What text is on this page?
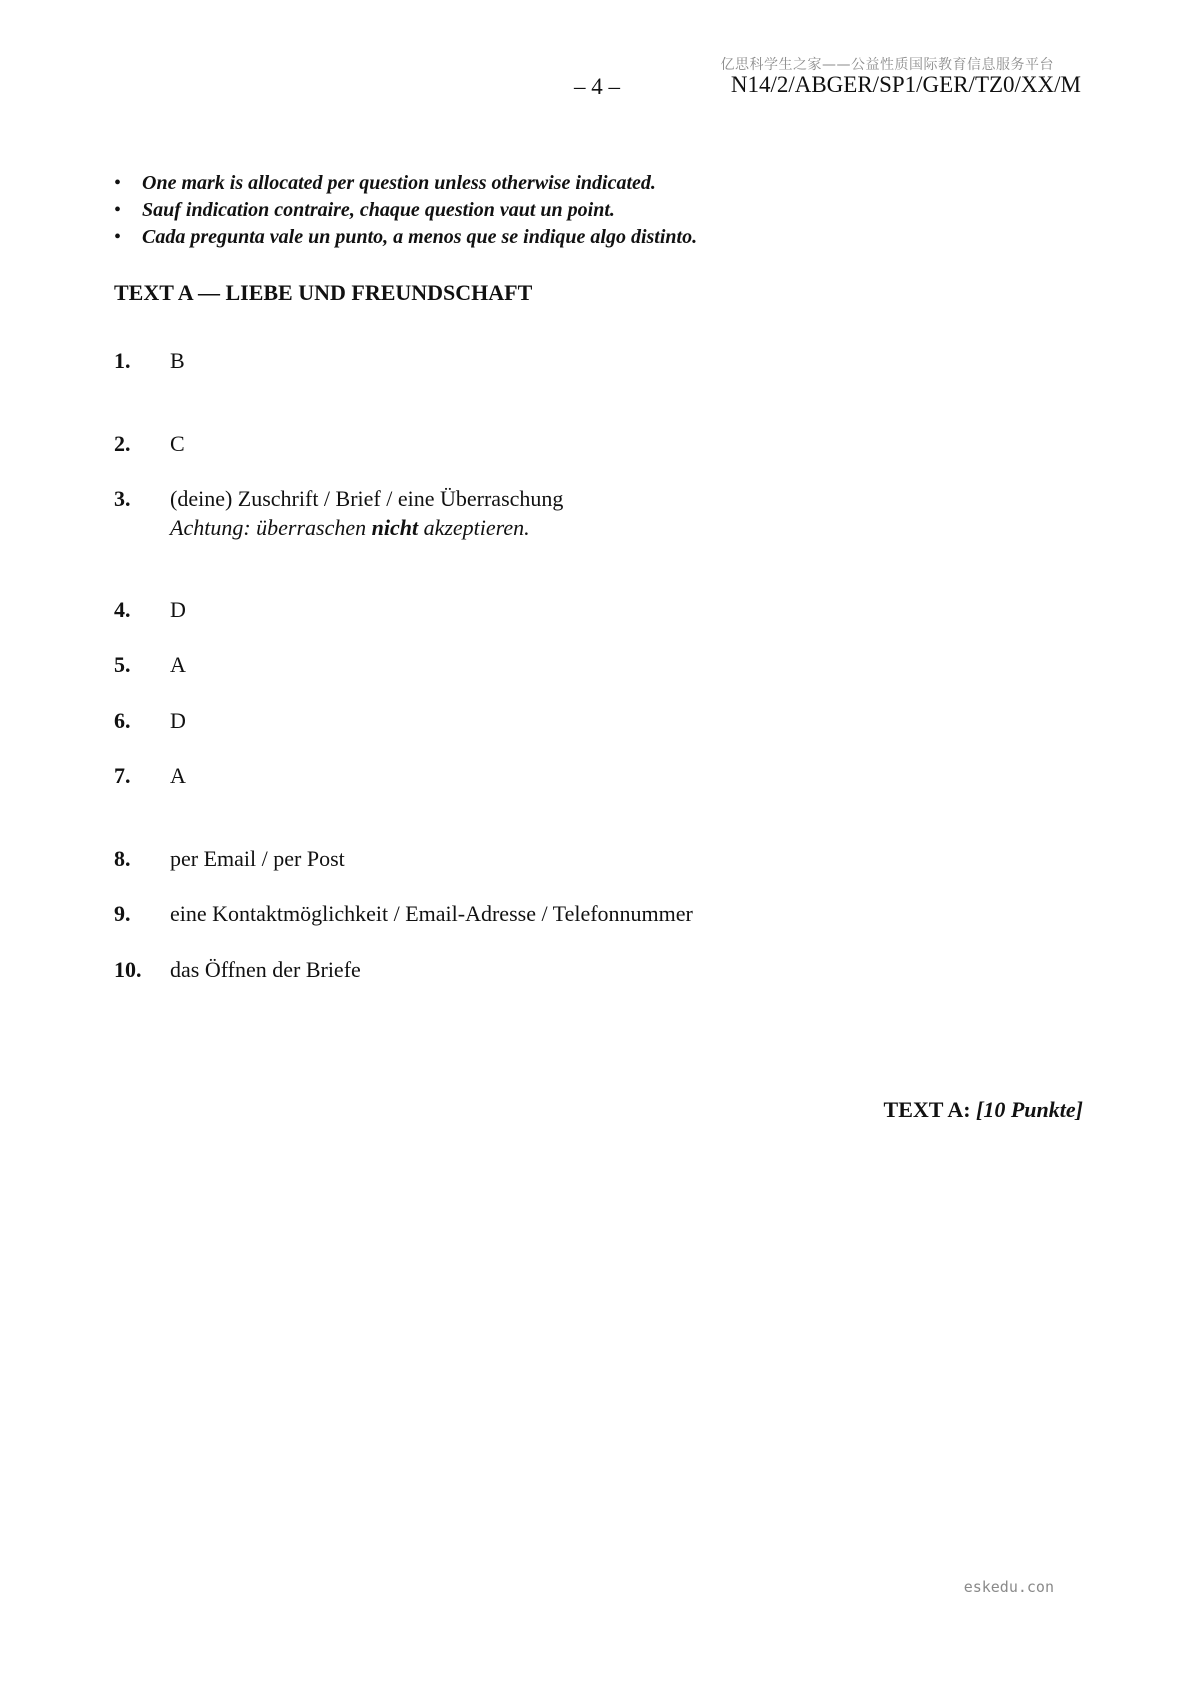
亿思科学生之家——公益性质国际教育信息服务平台
– 4 –	N14/2/ABGER/SP1/GER/TZ0/XX/M
• One mark is allocated per question unless otherwise indicated.
• Sauf indication contraire, chaque question vaut un point.
• Cada pregunta vale un punto, a menos que se indique algo distinto.
TEXT A — LIEBE UND FREUNDSCHAFT
1.	B
2.	C
3.	(deine) Zuschrift / Brief / eine Überraschung
Achtung: überraschen nicht akzeptieren.
4.	D
5.	A
6.	D
7.	A
8.	per Email / per Post
9.	eine Kontaktmöglichkeit / Email-Adresse / Telefonnummer
10.	das Öffnen der Briefe
TEXT A: [10 Punkte]
eskedu.con
